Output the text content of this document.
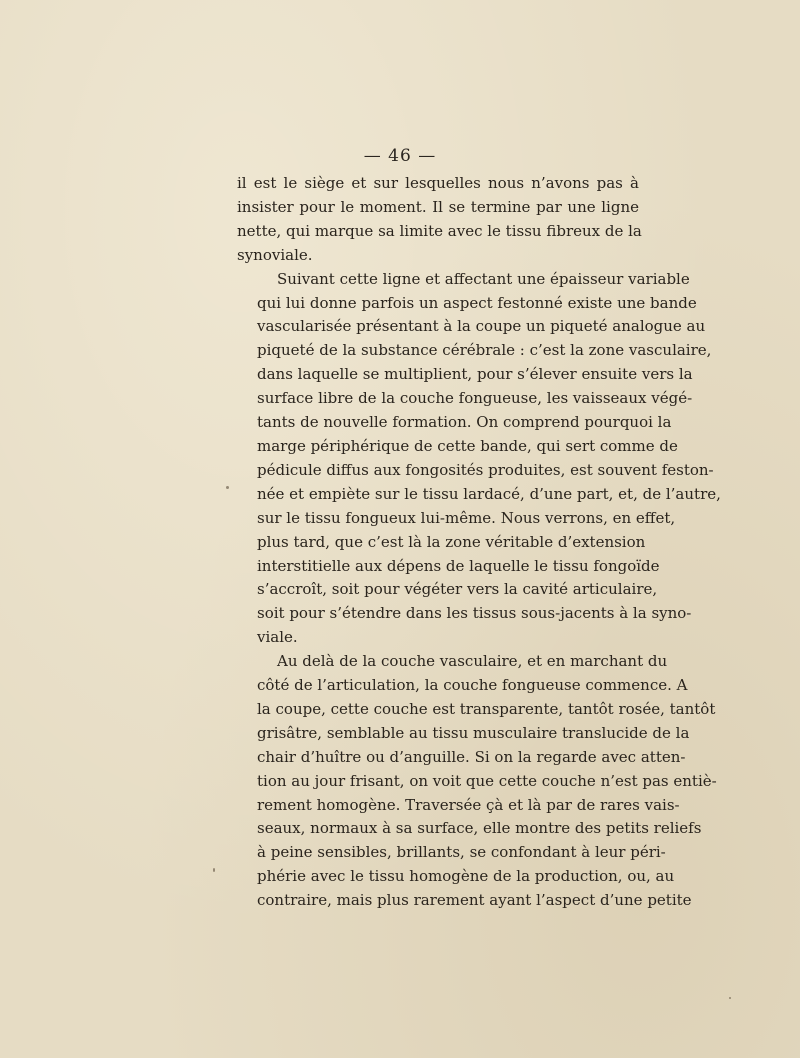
— 46 —
il est le siège et sur lesquelles nous n’avons pas à
insister pour le moment. Il se termine par une ligne
nette, qui marque sa limite avec le tissu fibreux de la
synoviale.
Suivant cette ligne et affectant une épaisseur variable
qui lui donne parfois un aspect festonné existe une bande
vascularisée présentant à la coupe un piqueté analogue au
piqueté de la substance cérébrale : c’est la zone vasculaire,
dans laquelle se multiplient, pour s’élever ensuite vers la
surface libre de la couche fongueuse, les vaisseaux végé-
tants de nouvelle formation. On comprend pourquoi la
marge périphérique de cette bande, qui sert comme de
pédicule diffus aux fongosités produites, est souvent feston-
née et empiète sur le tissu lardacé, d’une part, et, de l’autre,
sur le tissu fongueux lui-même. Nous verrons, en effet,
plus tard, que c’est là la zone véritable d’extension
interstitielle aux dépens de laquelle le tissu fongoïde
s’accroît, soit pour végéter vers la cavité articulaire,
soit pour s’étendre dans les tissus sous-jacents à la syno-
viale.
Au delà de la couche vasculaire, et en marchant du
côté de l’articulation, la couche fongueuse commence. A
la coupe, cette couche est transparente, tantôt rosée, tantôt
grisâtre, semblable au tissu musculaire translucide de la
chair d’huître ou d’anguille. Si on la regarde avec atten-
tion au jour frisant, on voit que cette couche n’est pas entiè-
rement homogène. Traversée çà et là par de rares vais-
seaux, normaux à sa surface, elle montre des petits reliefs
à peine sensibles, brillants, se confondant à leur péri-
phérie avec le tissu homogène de la production, ou, au
contraire, mais plus rarement ayant l’aspect d’une petite
